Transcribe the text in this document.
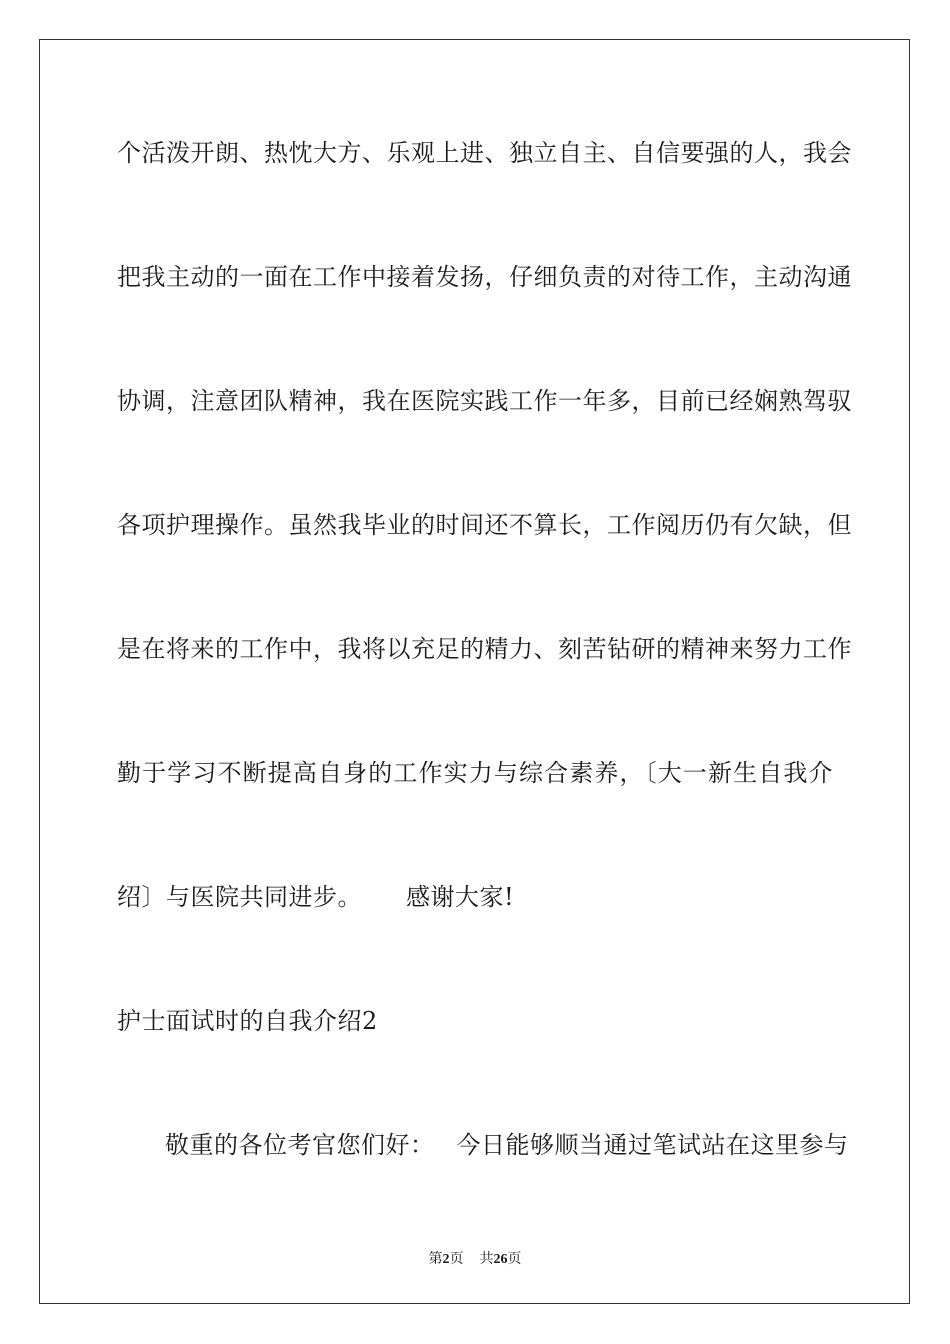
个活泼开朗、热忱大方、乐观上进、独立自主、自信要强的人，我会
把我主动的一面在工作中接着发扬，仔细负责的对待工作，主动沟通
协调，注意团队精神，我在医院实践工作一年多，目前已经娴熟驾驭
各项护理操作。虽然我毕业的时间还不算长，工作阅历仍有欠缺，但
是在将来的工作中，我将以充足的精力、刻苦钻研的精神来努力工作
勤于学习不断提高自身的工作实力与综合素养，〔大一新生自我介
绍〕与医院共同进步。 感谢大家!
护士面试时的自我介绍2
敬重的各位考官您们好： 今日能够顺当通过笔试站在这里参与
第2页 共26页
